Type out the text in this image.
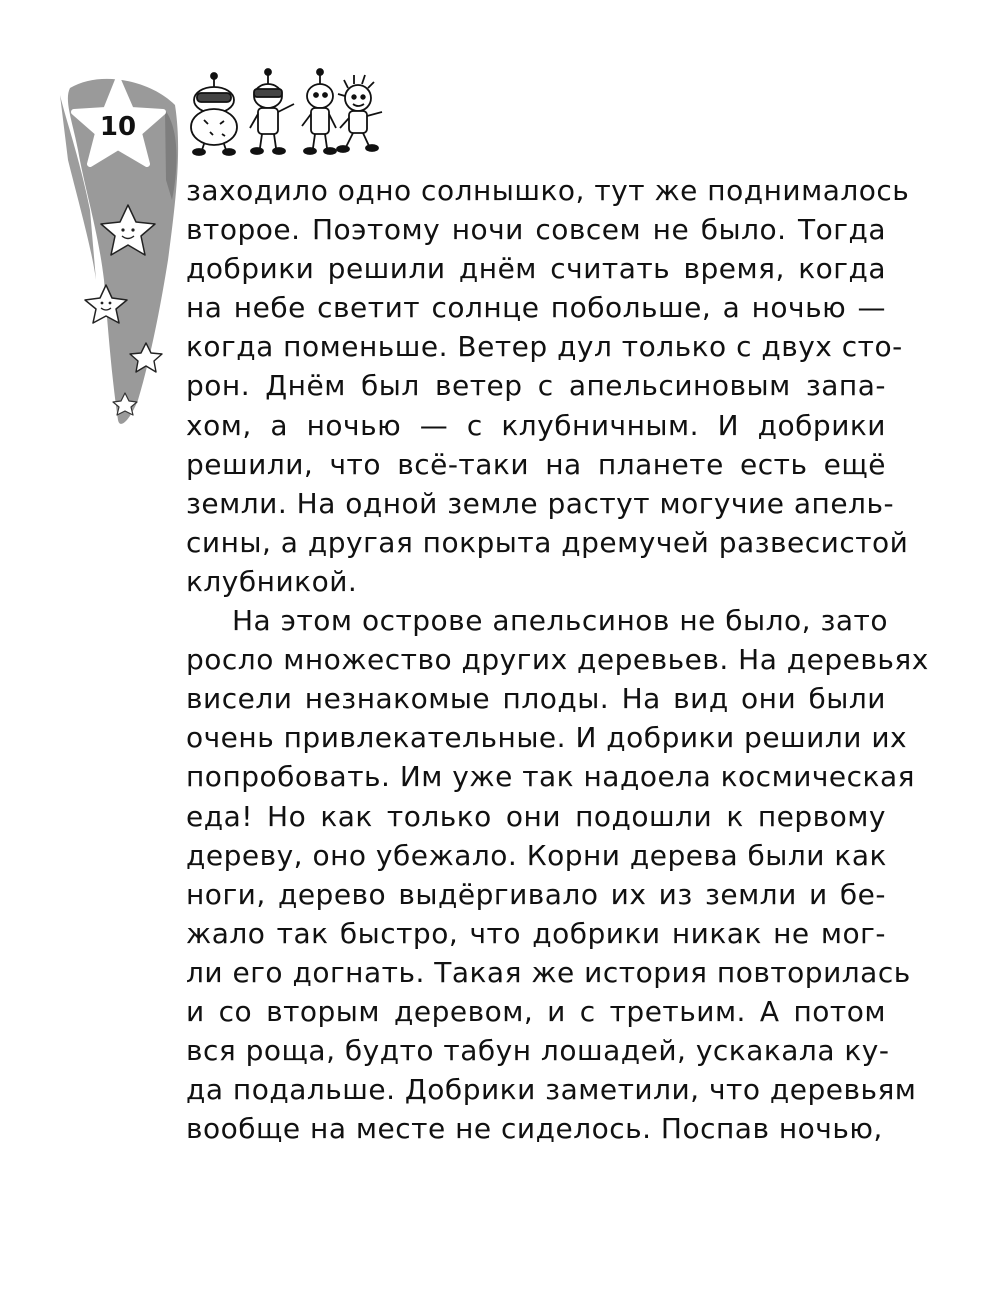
10
заходило одно солнышко, тут же поднималось
второе. Поэтому ночи совсем не было. Тогда
добрики решили днём считать время, когда
на небе светит солнце побольше, а ночью —
когда поменьше. Ветер дул только с двух сто-
рон. Днём был ветер с апельсиновым запа-
хом, а ночью — с клубничным. И добрики
решили, что всё-таки на планете есть ещё
земли. На одной земле растут могучие апель-
сины, а другая покрыта дремучей развесистой
клубникой.
На этом острове апельсинов не было, зато
росло множество других деревьев. На деревьях
висели незнакомые плоды. На вид они были
очень привлекательные. И добрики решили их
попробовать. Им уже так надоела космическая
еда! Но как только они подошли к первому
дереву, оно убежало. Корни дерева были как
ноги, дерево выдёргивало их из земли и бе-
жало так быстро, что добрики никак не мог-
ли его догнать. Такая же история повторилась
и со вторым деревом, и с третьим. А потом
вся роща, будто табун лошадей, ускакала ку-
да подальше. Добрики заметили, что деревьям
вообще на месте не сиделось. Поспав ночью,
